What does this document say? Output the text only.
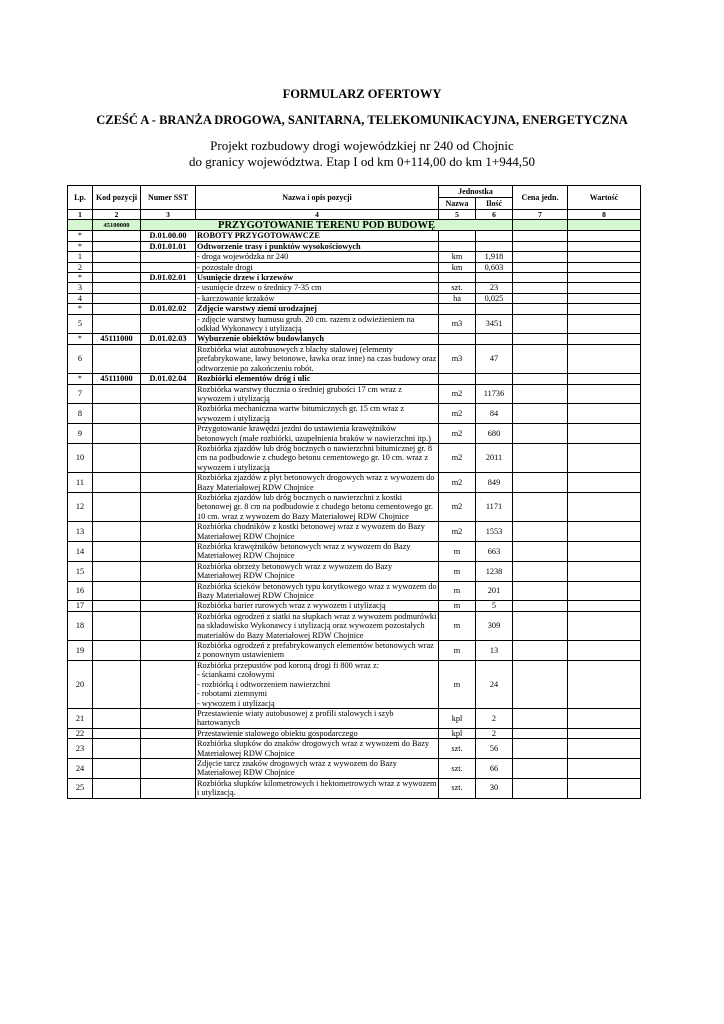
FORMULARZ OFERTOWY
CZEŚĆ A - BRANŻA DROGOWA, SANITARNA, TELEKOMUNIKACYJNA, ENERGETYCZNA
Projekt rozbudowy drogi wojewódzkiej nr 240 od Chojnic
do granicy województwa. Etap I od km 0+114,00 do km 1+944,50
Lp.	Kod pozycji	Numer SST	Nazwa i opis pozycji	Jednostka		Cena jedn.	Wartość
				Nazwa	Ilość		
1	2	3	4	5	6	7	8
	45100000	PRZYGOTOWANIE TERENU POD BUDOWĘ					
*		D.01.00.00	ROBOTY PRZYGOTOWAWCZE				
*		D.01.01.01	Odtworzenie trasy i punktów wysokościowych				
1			- droga wojewódzka nr 240	km	1,918		
2			- pozostałe drogi	km	0,603		
*		D.01.02.01	Usunięcie drzew i krzewów				
3			- usunięcie drzew o średnicy 7-35 cm	szt.	23		
4			- karczowanie krzaków	ha	0,025		
*		D.01.02.02	Zdjęcie warstwy ziemi urodzajnej				
5			- zdjęcie warstwy humusu grub. 20 cm. razem z odwieżieniem na odkład Wykonawcy i utylizacją	m3	3451		
*	45111000	D.01.02.03	Wyburzenie obiektów budowlanych				
6			Rozbiórka wiat autobusowych z blachy stalowej (elementy prefabrykowane, ławy betonowe, ławka oraz inne) na czas budowy oraz odtworzenie po zakończeniu robót.	m3	47		
*	45111000	D.01.02.04	Rozbiórki elementów dróg i ulic				
7			Rozbiórka warstwy tłucznia o średniej grubości 17 cm wraz z wywozem i utylizacją	m2	11736		
8			Rozbiórka mechaniczna wartw bitumicznych gr. 15 cm wraz z wywozem i utylizacją	m2	84		
9			Przygotowanie krawędzi jezdni do ustawienia krawężników betonowych (małe rozbiórki, uzupełnienia braków w nawierzchni itp.)	m2	680		
10			Rozbiórka zjazdów lub dróg bocznych o nawierzchni bitumicznej gr. 8 cm na podbudowie z chudego betonu cementowego gr. 10 cm. wraz z wywozem i utylizacją	m2	2011		
11			Rozbiórka zjazdów z płyt betonowych drogowych wraz z wywozem do Bazy Materiałowej RDW Chojnice	m2	849		
12			Rozbiórka zjazdów lub dróg bocznych o nawierzchni z kostki betonowej gr. 8 cm na podbudowie z chudego betonu cementowego gr. 10 cm. wraz z wywozem do Bazy Materiałowej RDW Chojnice	m2	1171		
13			Rozbiórka chodników z kostki betonowej wraz z wywozem do Bazy Materiałowej RDW Chojnice	m2	1553		
14			Rozbiórka krawężników betonowych wraz z wywozem do Bazy Materiałowej RDW Chojnice	m	663		
15			Rozbiórka obrzeży betonowych wraz z wywozem do Bazy Materiałowej RDW Chojnice	m	1238		
16			Rozbiórka ścieków betonowych typu korytkowego wraz z wywozem do Bazy Materiałowej RDW Chojnice	m	201		
17			Rozbiórka barier rurowych wraz z wywozem i utylizacją	m	5		
18			Rozbiórka ogrodzeń z siatki na słupkach wraz z wywozem podmurówki na składowisko Wykonawcy i utylizacją oraz wywozem pozostałych materiałów do Bazy Materiałowej RDW Chojnice	m	309		
19			Rozbiórka ogrodzeń z prefabrykowanych elementów betonowych wraz z ponownym ustawieniem	m	13		
20			Rozbiórka przepustów pod koroną drogi fi 800 wraz z:
- ściankami czołowymi
- rozbiórką i odtworzeniem nawierzchni
- robotami ziemnymi
- wywozem i utylizacją	m	24		
21			Przestawienie wiaty autobusowej z profili stalowych i szyb hartowanych	kpl	2		
22			Przestawienie stalowego obiektu gospodarczego	kpl	2		
23			Rozbiórka słupków do znaków drogowych wraz z wywozem do Bazy Materiałowej RDW Chojnice	szt.	56		
24			Zdjęcie tarcz znaków drogowych wraz z wywozem do Bazy Materiałowej RDW Chojnice	szt.	66		
25			Rozbiórka słupków kilometrowych i hektometrowych wraz z wywozem i utylizacją.	szt.	30		
